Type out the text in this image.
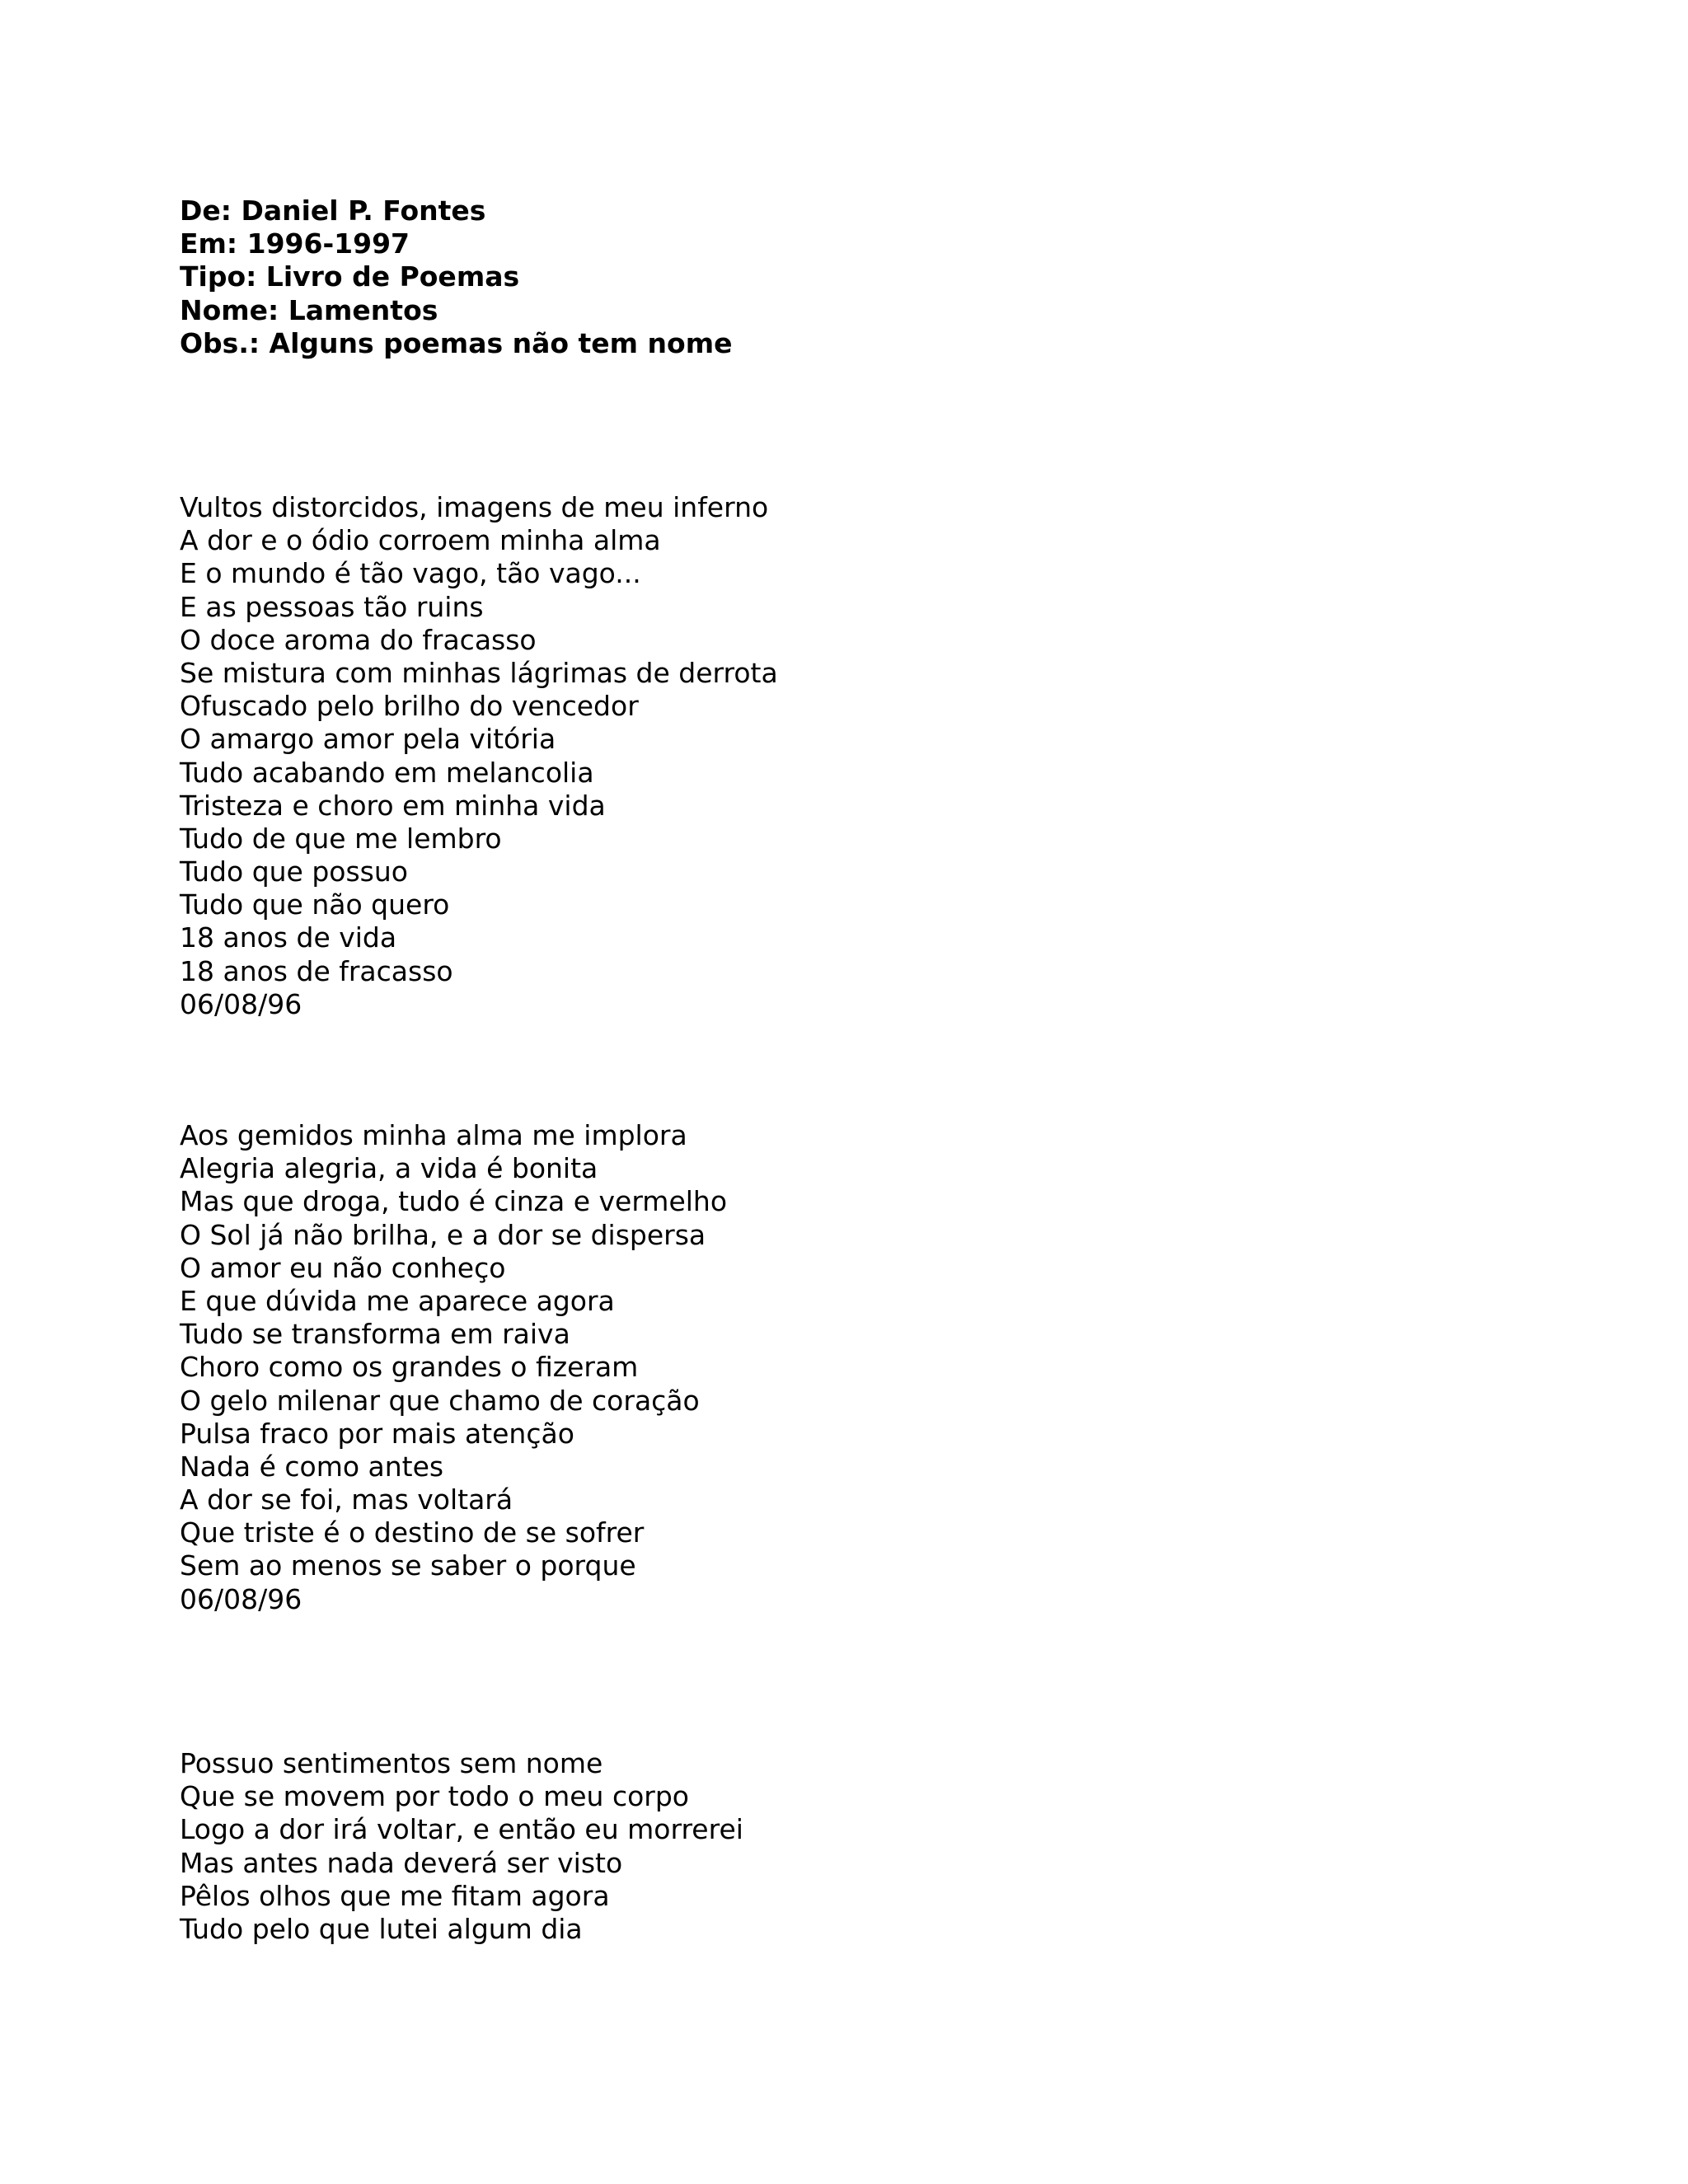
De: Daniel P. Fontes
Em: 1996-1997
Tipo: Livro de Poemas
Nome: Lamentos
Obs.: Alguns poemas não tem nome
Vultos distorcidos, imagens de meu inferno
A dor e o ódio corroem minha alma
E o mundo é tão vago, tão vago...
E as pessoas tão ruins
O doce aroma do fracasso
Se mistura com minhas lágrimas de derrota
Ofuscado pelo brilho do vencedor
O amargo amor pela vitória
Tudo acabando em melancolia
Tristeza e choro em minha vida
Tudo de que me lembro
Tudo que possuo
Tudo que não quero
18 anos de vida
18 anos de fracasso
06/08/96
Aos gemidos minha alma me implora
Alegria alegria, a vida é bonita
Mas que droga, tudo é cinza e vermelho
O Sol já não brilha, e a dor se dispersa
O amor eu não conheço
E que dúvida me aparece agora
Tudo se transforma em raiva
Choro como os grandes o fizeram
O gelo milenar que chamo de coração
Pulsa fraco por mais atenção
Nada é como antes
A dor se foi, mas voltará
Que triste é o destino de se sofrer
Sem ao menos se saber o porque
06/08/96
Possuo sentimentos sem nome
Que se movem por todo o meu corpo
Logo a dor irá voltar, e então eu morrerei
Mas antes nada deverá ser visto
Pêlos olhos que me fitam agora
Tudo pelo que lutei algum dia
